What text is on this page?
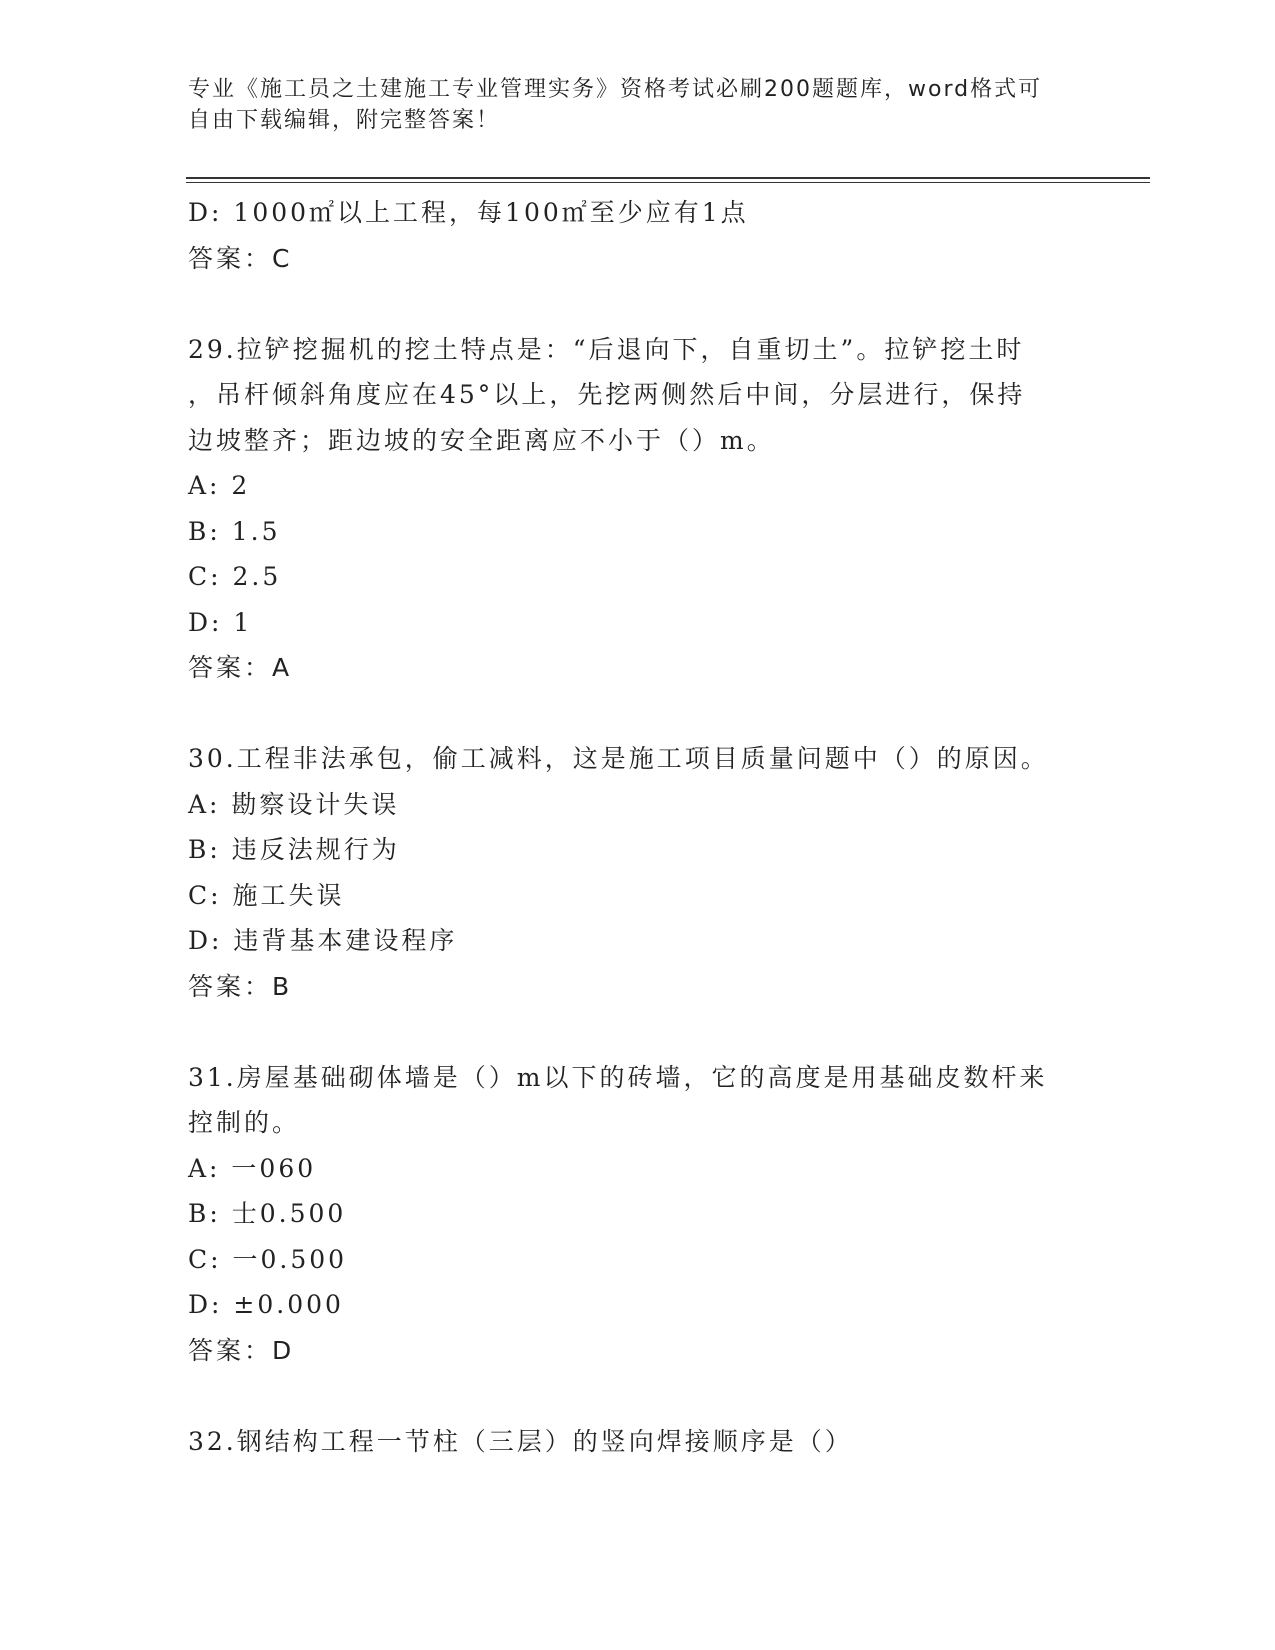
专业《施工员之土建施工专业管理实务》资格考试必刷200题题库，word格式可
自由下载编辑，附完整答案！
D: 1000㎡以上工程，每100㎡至少应有1点
答案：C
29.拉铲挖掘机的挖土特点是：“后退向下，自重切土”。拉铲挖土时
，吊杆倾斜角度应在45°以上，先挖两侧然后中间，分层进行，保持
边坡整齐；距边坡的安全距离应不小于（）m。
A: 2
B: 1.5
C: 2.5
D: 1
答案：A
30.工程非法承包，偷工减料，这是施工项目质量问题中（）的原因。
A: 勘察设计失误
B: 违反法规行为
C: 施工失误
D: 违背基本建设程序
答案：B
31.房屋基础砌体墙是（）m以下的砖墙，它的高度是用基础皮数杆来
控制的。
A: 一060
B: 士0.500
C: 一0.500
D: ±0.000
答案：D
32.钢结构工程一节柱（三层）的竖向焊接顺序是（）
